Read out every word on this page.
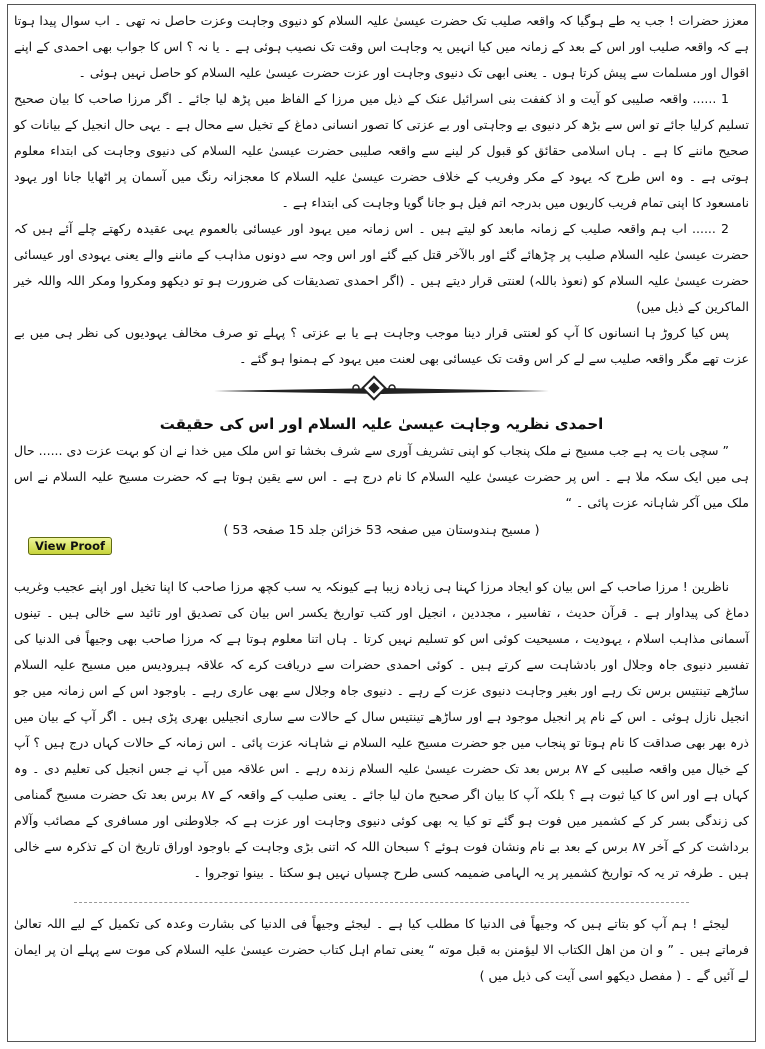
معزز حضرات ! جب یہ طے ہوگیا کہ واقعہ صلیب تک حضرت عیسیٰ علیہ السلام کو دنیوی وجاہت وعزت حاصل نہ تھی ۔ اب سوال پیدا ہوتا ہے کہ واقعہ صلیب اور اس کے بعد کے زمانہ میں کیا انہیں یہ وجاہت اس وقت تک نصیب ہوئی ہے ۔ یا نہ ؟ اس کا جواب بھی احمدی کے اپنے اقوال اور مسلمات سے پیش کرتا ہوں ۔ یعنی ابھی تک دنیوی وجاہت اور عزت حضرت عیسیٰ علیہ السلام کو حاصل نہیں ہوئی ۔

1 ...... واقعہ صلیبی کو آیت و اذ کففت بنی اسرائیل عنک کے ذیل میں مرزا کے الفاظ میں پڑھ لیا جائے ۔ اگر مرزا صاحب کا بیان صحیح تسلیم کرلیا جائے تو اس سے بڑھ کر دنیوی بے وجاہتی اور بے عزتی کا تصور انسانی دماغ کے تخیل سے محال ہے ۔ یہی حال انجیل کے بیانات کو صحیح ماننے کا ہے ۔ ہاں اسلامی حقائق کو قبول کر لینے سے واقعہ صلیبی حضرت عیسیٰ علیہ السلام کی دنیوی وجاہت کی ابتداء معلوم ہوتی ہے ۔ وہ اس طرح کہ یہود کے مکر وفریب کے خلاف حضرت عیسیٰ علیہ السلام کا معجزانہ رنگ میں آسمان پر اٹھایا جانا اور یہود نامسعود کا اپنی تمام فریب کاریوں میں بدرجہ اتم فیل ہو جانا گویا وجاہت کی ابتداء ہے ۔

2 ...... اب ہم واقعہ صلیب کے زمانہ مابعد کو لیتے ہیں ۔ اس زمانہ میں یہود اور عیسائی بالعموم یہی عقیدہ رکھتے چلے آئے ہیں کہ حضرت عیسیٰ علیہ السلام صلیب پر چڑھائے گئے اور بالآخر قتل کیے گئے اور اس وجہ سے دونوں مذاہب کے ماننے والے یعنی یہودی اور عیسائی حضرت عیسیٰ علیہ السلام کو (نعوذ باللہ) لعنتی قرار دیتے ہیں ۔ (اگر احمدی تصدیقات کی ضرورت ہو تو دیکھو ومکروا ومکر اللہ واللہ خیر الماکرین کے ذیل میں)

پس کیا کروڑ ہا انسانوں کا آپ کو لعنتی قرار دینا موجب وجاہت ہے یا بے عزتی ؟ پہلے تو صرف مخالف یہودیوں کی نظر ہی میں بے عزت تھے مگر واقعہ صلیب سے لے کر اس وقت تک عیسائی بھی لعنت میں یہود کے ہمنوا ہو گئے ۔

احمدی نظریہ وجاہت عیسیٰ علیہ السلام اور اس کی حقیقت

” سچی بات یہ ہے جب مسیح نے ملک پنجاب کو اپنی تشریف آوری سے شرف بخشا تو اس ملک میں خدا نے ان کو بہت عزت دی ...... حال ہی میں ایک سکہ ملا ہے ۔ اس پر حضرت عیسیٰ علیہ السلام کا نام درج ہے ۔ اس سے یقین ہوتا ہے کہ حضرت مسیح علیہ السلام نے اس ملک میں آکر شاہانہ عزت پائی ۔ “

( مسیح ہندوستان میں صفحہ 53 خزائن جلد 15 صفحہ 53 )

ناظرین ! مرزا صاحب کے اس بیان کو ایجاد مرزا کہنا ہی زیادہ زیبا ہے کیونکہ یہ سب کچھ مرزا صاحب کا اپنا تخیل اور اپنے عجیب وغریب دماغ کی پیداوار ہے ۔ قرآن حدیث ، تفاسیر ، مجددین ، انجیل اور کتب تواریخ یکسر اس بیان کی تصدیق اور تائید سے خالی ہیں ۔ تینوں آسمانی مذاہب اسلام ، یہودیت ، مسیحیت کوئی اس کو تسلیم نہیں کرتا ۔ ہاں اتنا معلوم ہوتا ہے کہ مرزا صاحب بھی وجیھاً فی الدنیا کی تفسیر دنیوی جاہ وجلال اور بادشاہت سے کرتے ہیں ۔ کوئی احمدی حضرات سے دریافت کرے کہ علاقہ ہیرودیس میں مسیح علیہ السلام ساڑھے تینتیس برس تک رہے اور بغیر وجاہت دنیوی عزت کے رہے ۔ دنیوی جاہ وجلال سے بھی عاری رہے ۔ باوجود اس کے اس زمانہ میں جو انجیل نازل ہوئی ۔ اس کے نام پر انجیل موجود ہے اور ساڑھے تینتیس سال کے حالات سے ساری انجیلیں بھری پڑی ہیں ۔ اگر آپ کے بیان میں ذرہ بھر بھی صداقت کا نام ہوتا تو پنجاب میں جو حضرت مسیح علیہ السلام نے شاہانہ عزت پائی ۔ اس زمانہ کے حالات کہاں درج ہیں ؟ آپ کے خیال میں واقعہ صلیبی کے ۸۷ برس بعد تک حضرت عیسیٰ علیہ السلام زندہ رہے ۔ اس علاقہ میں آپ نے جس انجیل کی تعلیم دی ۔ وہ کہاں ہے اور اس کا کیا ثبوت ہے ؟ بلکہ آپ کا بیان اگر صحیح مان لیا جائے ۔ یعنی صلیب کے واقعہ کے ۸۷ برس بعد تک حضرت مسیح گمنامی کی زندگی بسر کر کے کشمیر میں فوت ہو گئے تو کیا یہ بھی کوئی دنیوی وجاہت اور عزت ہے کہ جلاوطنی اور مسافری کے مصائب وآلام برداشت کر کے آخر ۸۷ برس کے بعد بے نام ونشان فوت ہوئے ؟ سبحان اللہ کہ اتنی بڑی وجاہت کے باوجود اوراق تاریخ ان کے تذکرہ سے خالی ہیں ۔ طرفہ تر یہ کہ تواریخ کشمیر پر یہ الہامی ضمیمہ کسی طرح چسپاں نہیں ہو سکتا ۔ بینوا توجروا ۔

لیجئے ! ہم آپ کو بتاتے ہیں کہ وجیھاً فی الدنیا کا مطلب کیا ہے ۔ لیجئے وجیھاً فی الدنیا کی بشارت وعدہ کی تکمیل کے لیے اللہ تعالیٰ فرماتے ہیں ۔ ” و ان من اهل الكتاب الا ليؤمنن به قبل موته “ یعنی تمام اہل کتاب حضرت عیسیٰ علیہ السلام کی موت سے پہلے ان پر ایمان لے آئیں گے ۔ ( مفصل دیکھو اسی آیت کی ذیل میں )

View Proof
